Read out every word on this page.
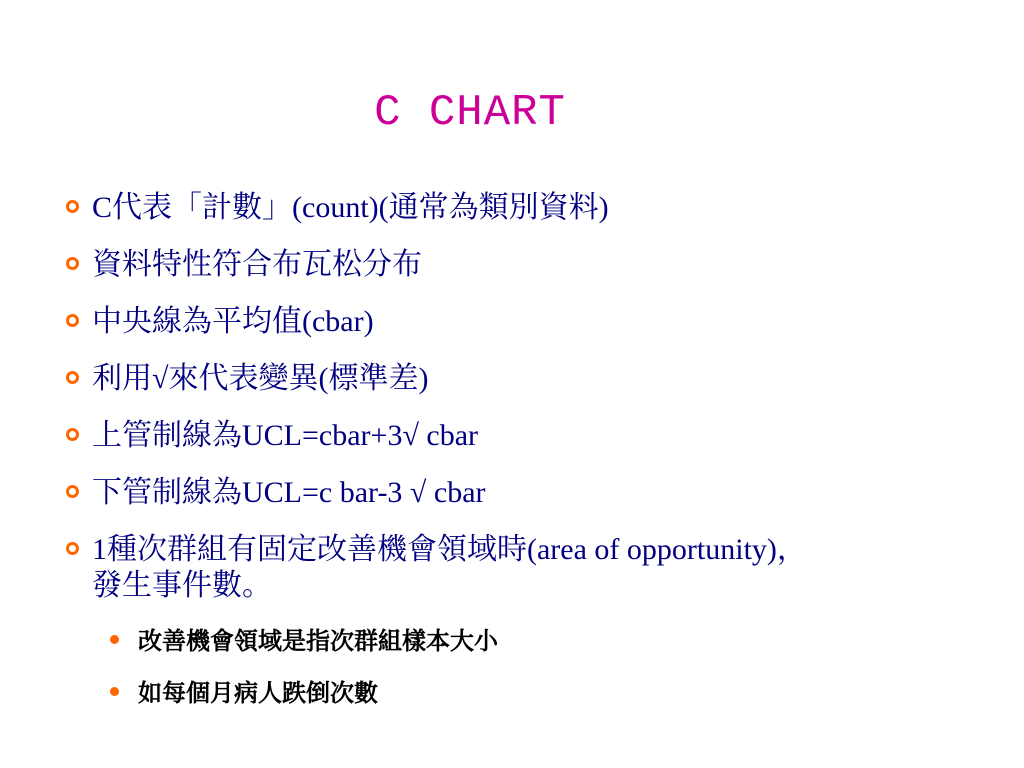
C CHART
C代表「計數」(count)(通常為類別資料)
資料特性符合布瓦松分布
中央線為平均值(cbar)
利用√來代表變異(標準差)
上管制線為UCL=cbar+3√ cbar
下管制線為UCL=c bar-3 √ cbar
1種次群組有固定改善機會領域時(area of opportunity)，發生事件數。
改善機會領域是指次群組樣本大小
如每個月病人跌倒次數
